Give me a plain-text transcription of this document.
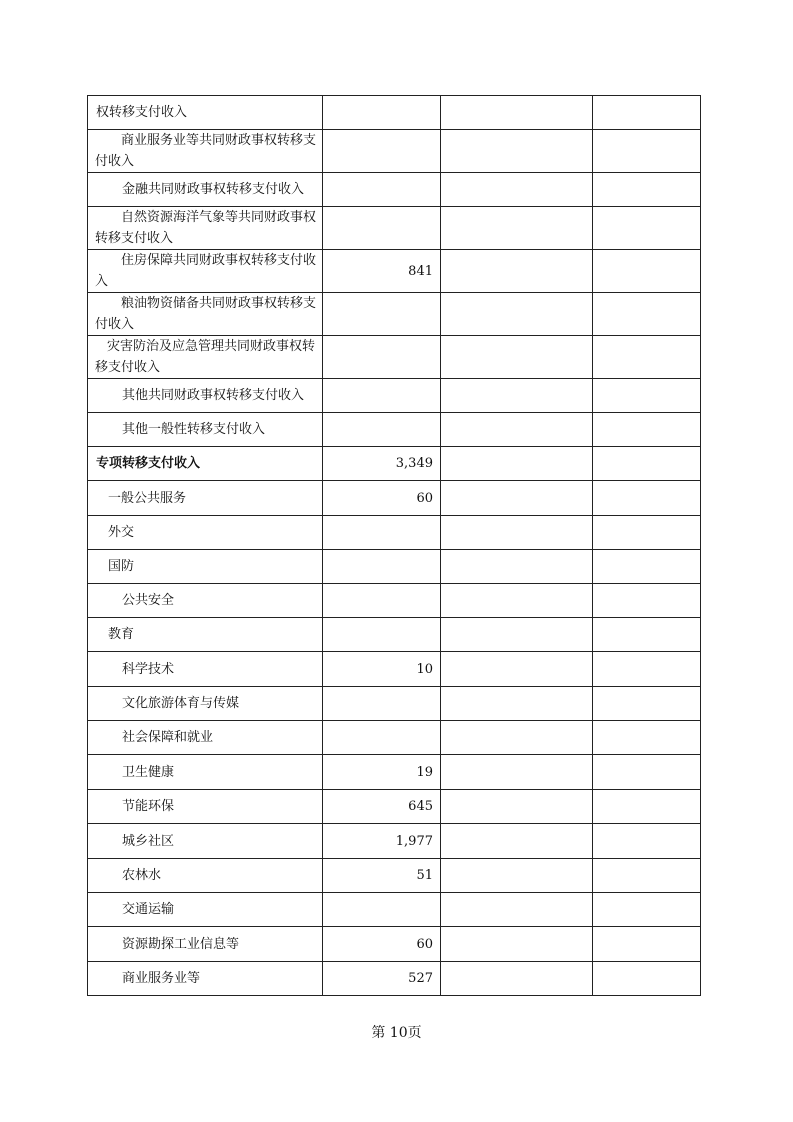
权转移支付收入			
商业服务业等共同财政事权转移支付收入			
金融共同财政事权转移支付收入			
自然资源海洋气象等共同财政事权转移支付收入			
住房保障共同财政事权转移支付收入	841		
粮油物资储备共同财政事权转移支付收入			
灾害防治及应急管理共同财政事权转移支付收入			
其他共同财政事权转移支付收入			
其他一般性转移支付收入			
专项转移支付收入	3,349		
一般公共服务	60		
外交			
国防			
公共安全			
教育			
科学技术	10		
文化旅游体育与传媒			
社会保障和就业			
卫生健康	19		
节能环保	645		
城乡社区	1,977		
农林水	51		
交通运输			
资源勘探工业信息等	60		
商业服务业等	527		
第 10页
